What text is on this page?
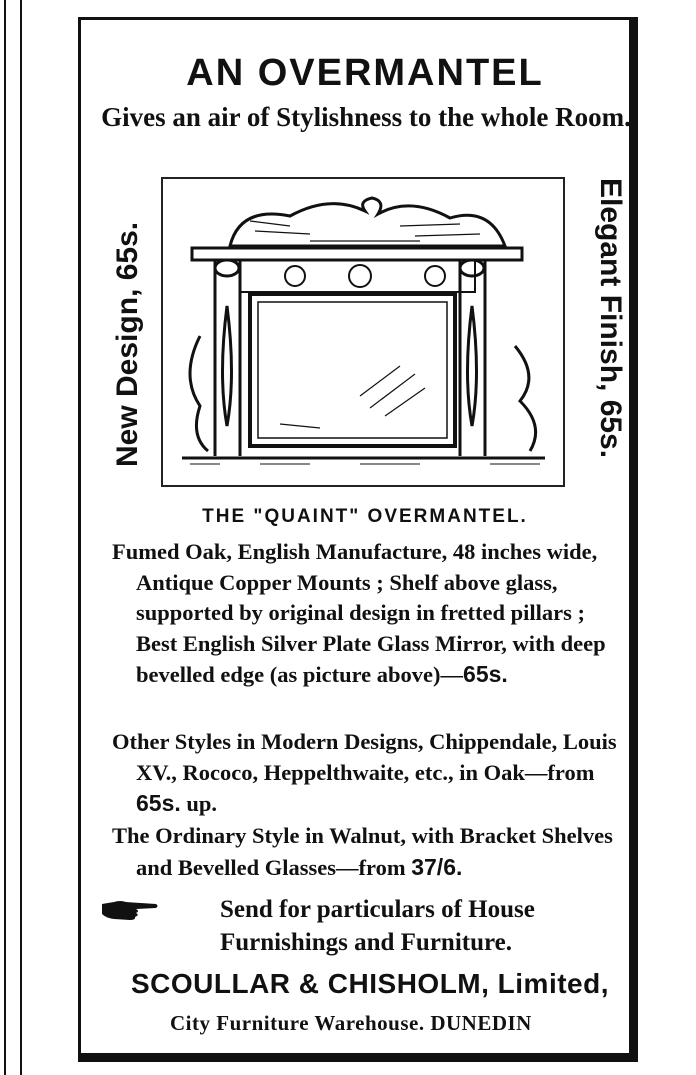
AN OVERMANTEL
Gives an air of Stylishness to the whole Room.
New Design, 65s.	Elegant Finish, 65s.
THE "QUAINT" OVERMANTEL.
Fumed Oak, English Manufacture, 48 inches wide, Antique Copper Mounts ; Shelf above glass, supported by original design in fretted pillars ; Best English Silver Plate Glass Mirror, with deep bevelled edge (as picture above)—65s.
Other Styles in Modern Designs, Chippendale, Louis XV., Rococo, Heppelthwaite, etc., in Oak—from 65s. up.
The Ordinary Style in Walnut, with Bracket Shelves and Bevelled Glasses—from 37/6.
Send for particulars of House Furnishings and Furniture.
SCOULLAR & CHISHOLM, Limited,
City Furniture Warehouse. DUNEDIN
